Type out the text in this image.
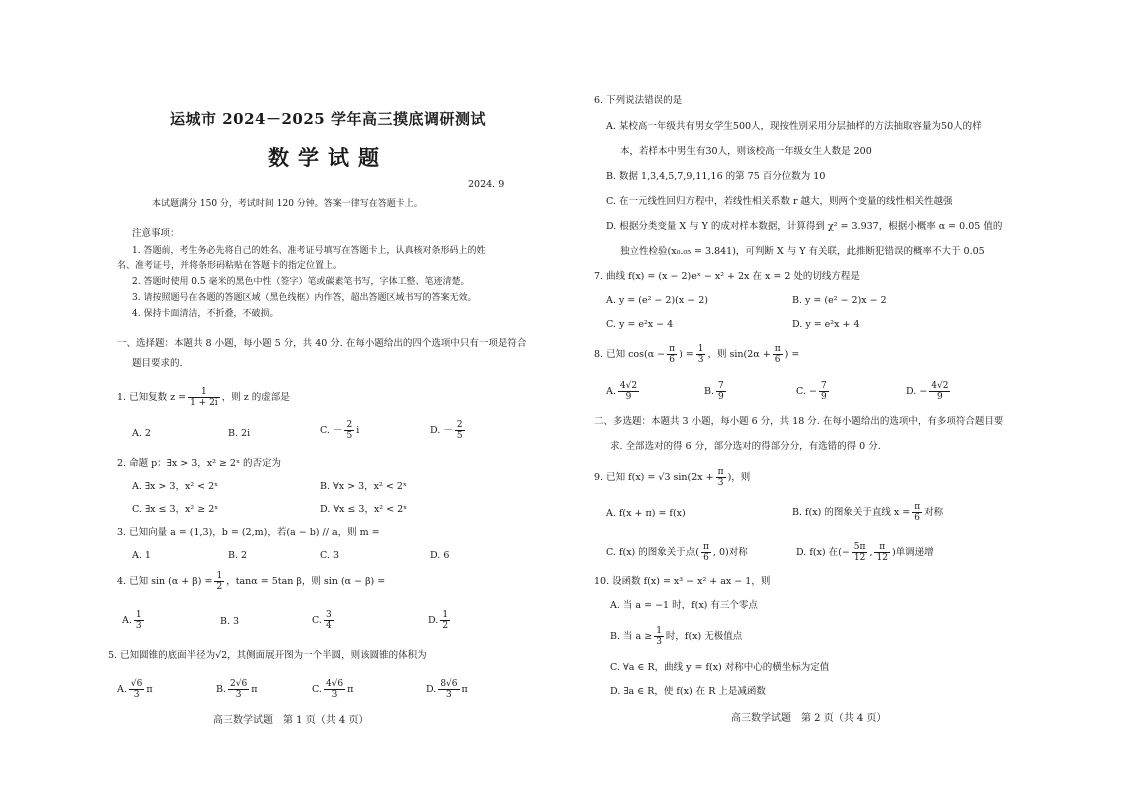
运城市 2024－2025 学年高三摸底调研测试
数学试题
2024. 9
本试题满分 150 分，考试时间 120 分钟。答案一律写在答题卡上。
注意事项：
1. 答题前，考生务必先将自己的姓名、准考证号填写在答题卡上，认真核对条形码上的姓
名、准考证号，并将条形码粘贴在答题卡的指定位置上。
2. 答题时使用 0.5 毫米的黑色中性（签字）笔或碳素笔书写，字体工整、笔迹清楚。
3. 请按照题号在各题的答题区域（黑色线框）内作答，超出答题区域书写的答案无效。
4. 保持卡面清洁，不折叠，不破损。
一、选择题：本题共 8 小题，每小题 5 分，共 40 分. 在每小题给出的四个选项中只有一项是符合
题目要求的.
1. 已知复数 $z = \frac{1}{1 + 2i}$ ，则 z 的虚部是
A. 2	B. 2i	C. － $\frac{2}{5}$ i	D. － $\frac{2}{5}$
2. 命题 p：∃x > 3，x² ≥ 2ˣ 的否定为
A. ∃x > 3，x² < 2ˣ	B. ∀x > 3，x² < 2ˣ
C. ∃x ≤ 3，x² ≥ 2ˣ	D. ∀x ≤ 3，x² < 2ˣ
3. 已知向量 a = (1,3)，b = (2,m)，若(a − b) // a，则 m =
A. 1	B. 2	C. 3	D. 6
4. 已知 $\sin (\alpha + \beta) = \frac{1}{2}$ ，tanα = 5tan β，则 sin (α − β) =
A. $\frac{1}{3}$	B. 3	C. $\frac{3}{4}$	D. $\frac{1}{2}$
5. 已知圆锥的底面半径为√2，其侧面展开图为一个半圆，则该圆锥的体积为
A. $\frac{√6}{3}$ π	B. $\frac{2√6}{3}$ π	C. $\frac{4√6}{3}$ π	D. $\frac{8√6}{3}$ π
高三数学试题　第 1 页（共 4 页）
6. 下列说法错误的是
A. 某校高一年级共有男女学生500人，现按性别采用分层抽样的方法抽取容量为50人的样
本，若样本中男生有30人，则该校高一年级女生人数是 200
B. 数据 1,3,4,5,7,9,11,16 的第 75 百分位数为 10
C. 在一元线性回归方程中，若线性相关系数 r 越大，则两个变量的线性相关性越强
D. 根据分类变量 X 与 Y 的成对样本数据，计算得到 χ² = 3.937，根据小概率 α = 0.05 值的
独立性检验(x₀.₀₅ = 3.841)，可判断 X 与 Y 有关联，此推断犯错误的概率不大于 0.05
7. 曲线 f(x) = (x − 2)eˣ − x² + 2x 在 x = 2 处的切线方程是
A. y = (e² − 2)(x − 2)	B. y = (e² − 2)x − 2
C. y = e²x − 4	D. y = e²x + 4
8. 已知 $\cos(\alpha - \frac{\pi}{6}$ ) = $\frac{1}{3}$ ，则 $\sin(2\alpha + \frac{\pi}{6}$ ) =
A. $\frac{4√2}{9}$	B. $\frac{7}{9}$	C. − $\frac{7}{9}$	D. − $\frac{4√2}{9}$
二、多选题：本题共 3 小题，每小题 6 分，共 18 分. 在每小题给出的选项中，有多项符合题目要
求. 全部选对的得 6 分，部分选对的得部分分，有选错的得 0 分.
9. 已知 f(x) = √3 $\sin(2x + \frac{\pi}{3}$ )，则
A. f(x + π) = f(x)	B. f(x) 的图象关于直线 $x = \frac{\pi}{6}$ 对称
C. f(x) 的图象关于点( $\frac{\pi}{6}$ , 0)对称	D. f(x) 在(− $\frac{5\pi}{12}$ , $\frac{\pi}{12}$ )单调递增
10. 设函数 f(x) = x³ − x² + ax − 1，则
A. 当 a = −1 时，f(x) 有三个零点
B. 当 $a \ge \frac{1}{3}$ 时，f(x) 无极值点
C. ∀a ∈ R，曲线 y = f(x) 对称中心的横坐标为定值
D. ∃a ∈ R，使 f(x) 在 R 上是减函数
高三数学试题　第 2 页（共 4 页）
